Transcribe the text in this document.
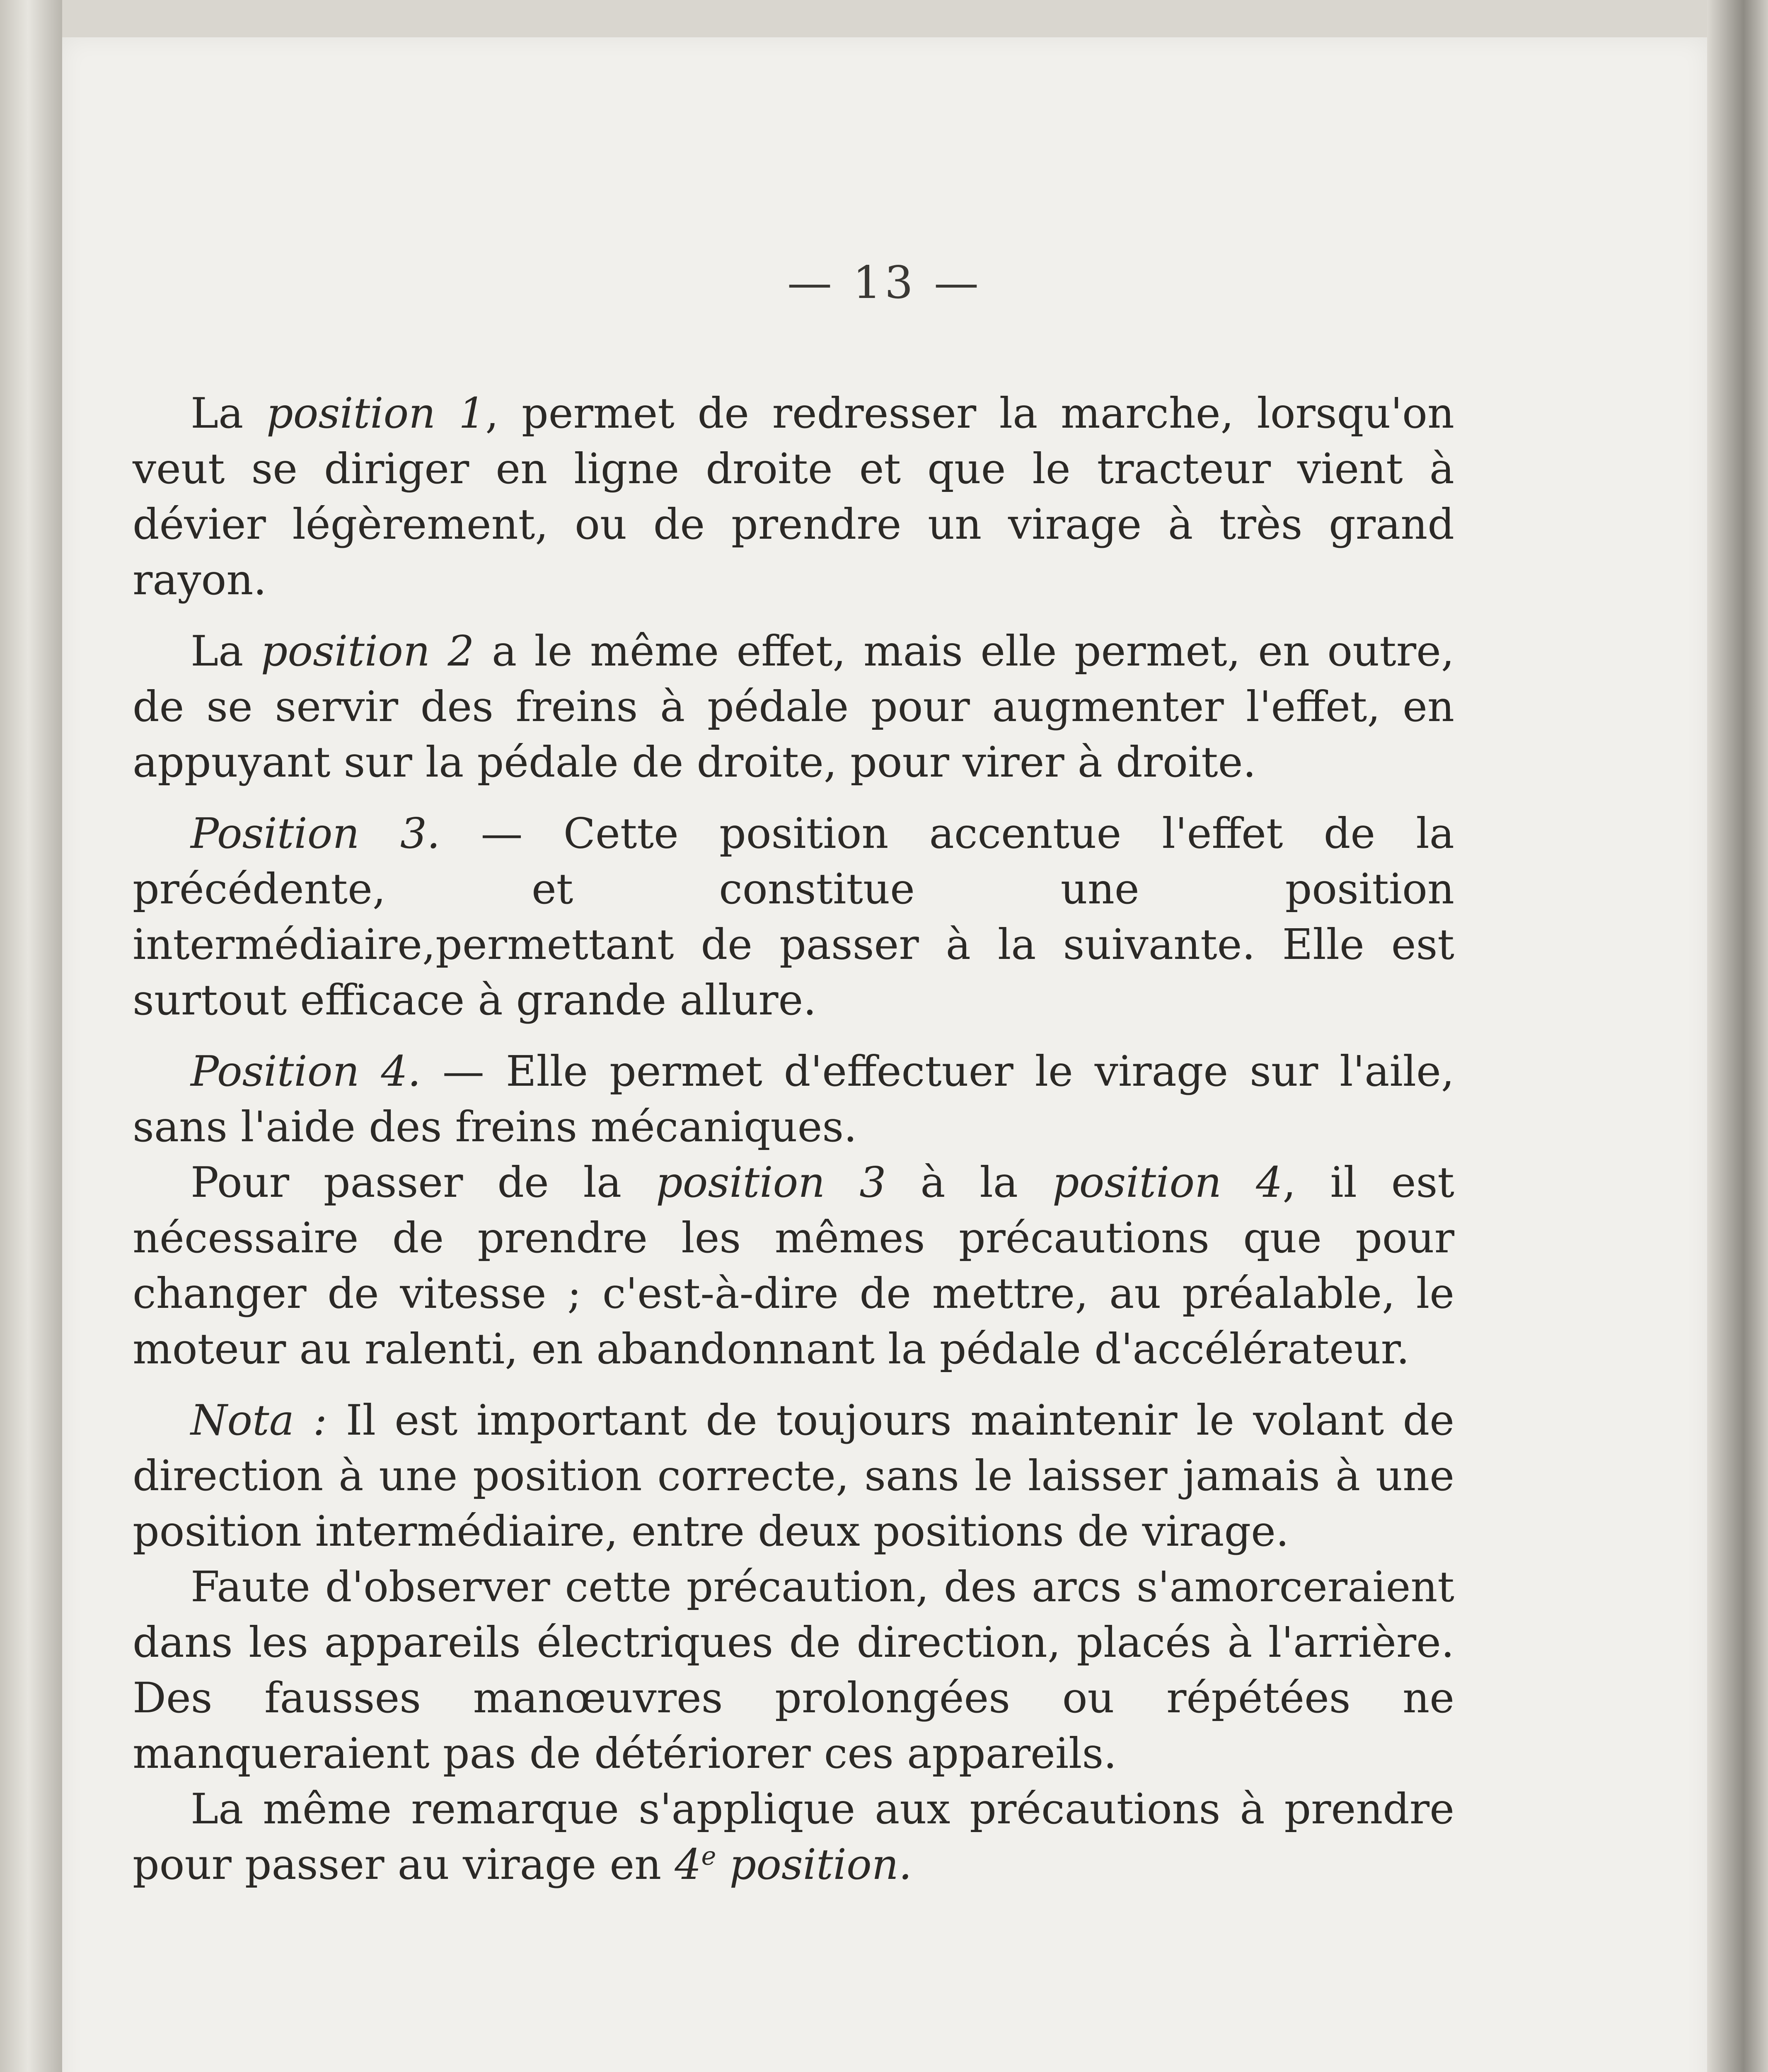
— 13 —

La position 1, permet de redresser la marche, lorsqu'on veut se diriger en ligne droite et que le tracteur vient à dévier légèrement, ou de prendre un virage à très grand rayon.

La position 2 a le même effet, mais elle permet, en outre, de se servir des freins à pédale pour augmenter l'effet, en appuyant sur la pédale de droite, pour virer à droite.

Position 3. — Cette position accentue l'effet de la précédente, et constitue une position intermédiaire,permettant de passer à la suivante. Elle est surtout efficace à grande allure.

Position 4. — Elle permet d'effectuer le virage sur l'aile, sans l'aide des freins mécaniques.

Pour passer de la position 3 à la position 4, il est nécessaire de prendre les mêmes précautions que pour changer de vitesse ; c'est-à-dire de mettre, au préalable, le moteur au ralenti, en abandonnant la pédale d'accélérateur.

Nota : Il est important de toujours maintenir le volant de direction à une position correcte, sans le laisser jamais à une position intermédiaire, entre deux positions de virage.

Faute d'observer cette précaution, des arcs s'amorceraient dans les appareils électriques de direction, placés à l'arrière. Des fausses manœuvres prolongées ou répétées ne manqueraient pas de détériorer ces appareils.

La même remarque s'applique aux précautions à prendre pour passer au virage en 4e position.
